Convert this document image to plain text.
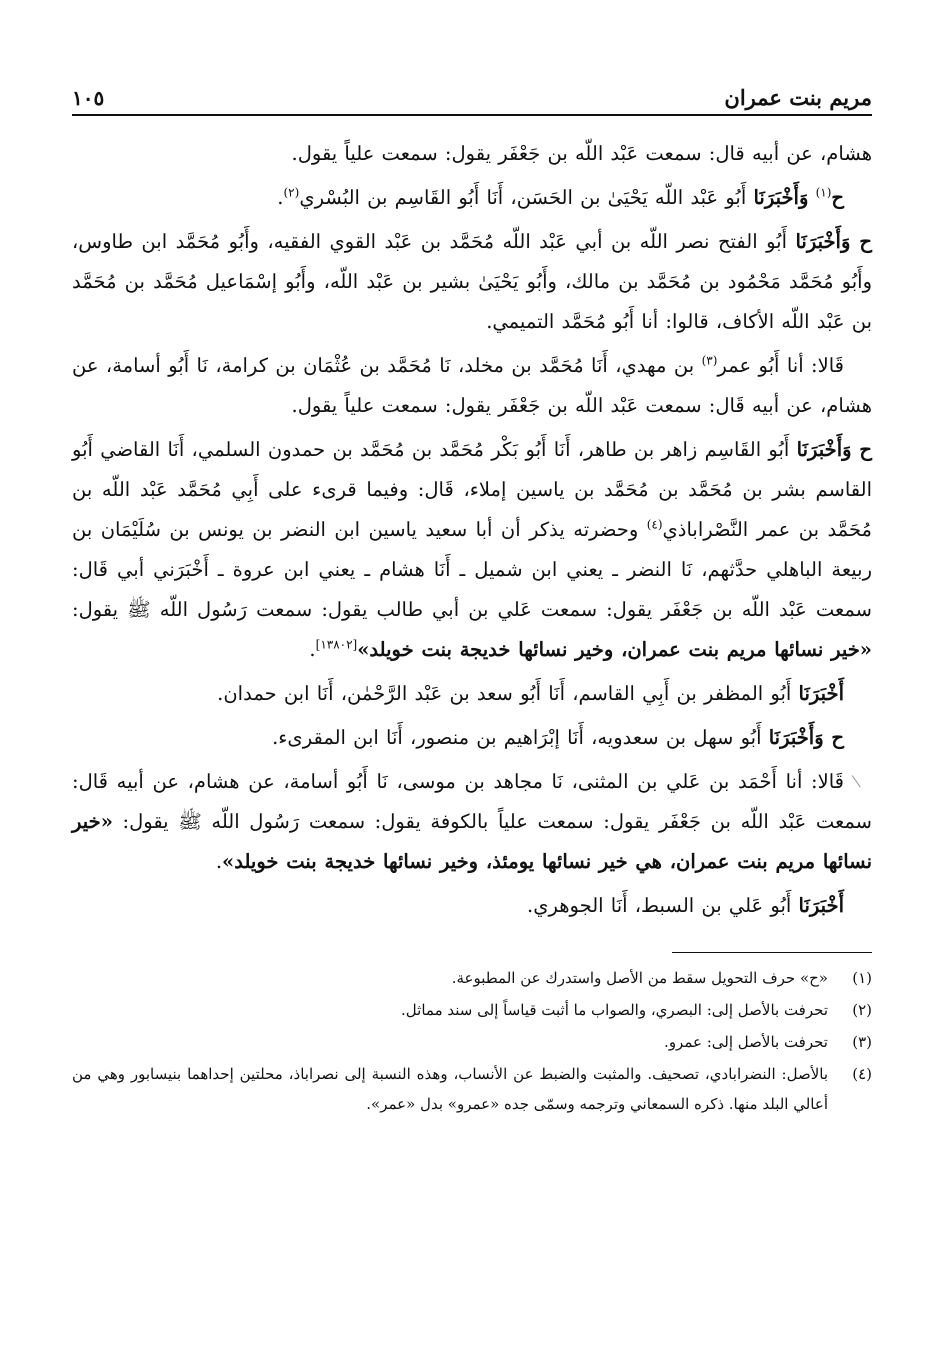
مريم بنت عمران
١٠٥

هشام، عن أبيه قال: سمعت عَبْد اللّه بن جَعْفَر يقول: سمعت علياً يقول.

ح$^{(١)}$ وَأَخْبَرَنَا أَبُو عَبْد اللّه يَحْيَىٰ بن الحَسَن، أَنَا أَبُو القَاسِم بن البُسْري$^{(٢)}$.

ح وَأَخْبَرَنَا أَبُو الفتح نصر اللّه بن أبي عَبْد اللّه مُحَمَّد بن عَبْد القوي الفقيه، وأَبُو مُحَمَّد ابن طاوس، وأَبُو مُحَمَّد مَحْمُود بن مُحَمَّد بن مالك، وأَبُو يَحْيَىٰ بشير بن عَبْد اللّه، وأَبُو إسْمَاعيل مُحَمَّد بن مُحَمَّد بن عَبْد اللّه الأكاف، قالوا: أنا أَبُو مُحَمَّد التميمي.

قَالا: أنا أَبُو عمر$^{(٣)}$ بن مهدي، أَنَا مُحَمَّد بن مخلد، نَا مُحَمَّد بن عُثْمَان بن كرامة، نَا أَبُو أسامة، عن هشام، عن أبيه قَال: سمعت عَبْد اللّه بن جَعْفَر يقول: سمعت علياً يقول.

ح وَأَخْبَرَنَا أَبُو القَاسِم زاهر بن طاهر، أَنَا أَبُو بَكْر مُحَمَّد بن مُحَمَّد بن حمدون السلمي، أَنَا القاضي أَبُو القاسم بشر بن مُحَمَّد بن مُحَمَّد بن ياسين إملاء، قَال: وفيما قرىء على أَبِي مُحَمَّد عَبْد اللّه بن مُحَمَّد بن عمر النَّصْراباذي$^{(٤)}$ وحضرته يذكر أن أبا سعيد ياسين ابن النضر بن يونس بن سُلَيْمَان بن ربيعة الباهلي حدَّثهم، نَا النضر ـ يعني ابن شميل ـ أَنَا هشام ـ يعني ابن عروة ـ أَخْبَرَني أبي قَال: سمعت عَبْد اللّه بن جَعْفَر يقول: سمعت عَلي بن أبي طالب يقول: سمعت رَسُول اللّه ﷺ يقول: «خير نسائها مريم بنت عمران، وخير نسائها خديجة بنت خويلد»[١٣٨٠٢].

أَخْبَرَنَا أَبُو المظفر بن أَبِي القاسم، أَنَا أَبُو سعد بن عَبْد الرَّحْمٰن، أَنَا ابن حمدان.

ح وَأَخْبَرَنَا أَبُو سهل بن سعدويه، أَنَا إبْرَاهيم بن منصور، أَنَا ابن المقرىء.

قَالا: أنا أَحْمَد بن عَلي بن المثنى، نَا مجاهد بن موسى، نَا أَبُو أسامة، عن هشام، عن أبيه قَال: سمعت عَبْد اللّه بن جَعْفَر يقول: سمعت علياً بالكوفة يقول: سمعت رَسُول اللّه ﷺ يقول: «خير نسائها مريم بنت عمران، هي خير نسائها يومئذ، وخير نسائها خديجة بنت خويلد».

أَخْبَرَنَا أَبُو عَلي بن السبط، أَنَا الجوهري.

(١)
«ح» حرف التحويل سقط من الأصل واستدرك عن المطبوعة.
(٢)
تحرفت بالأصل إلى: البصري، والصواب ما أثبت قياساً إلى سند مماثل.
(٣)
تحرفت بالأصل إلى: عمرو.
(٤)
بالأصل: النضرابادي، تصحيف. والمثبت والضبط عن الأنساب، وهذه النسبة إلى نصراباذ، محلتين إحداهما بنيسابور وهي من أعالي البلد منها. ذكره السمعاني وترجمه وسمّى جده «عمرو» بدل «عمر».
